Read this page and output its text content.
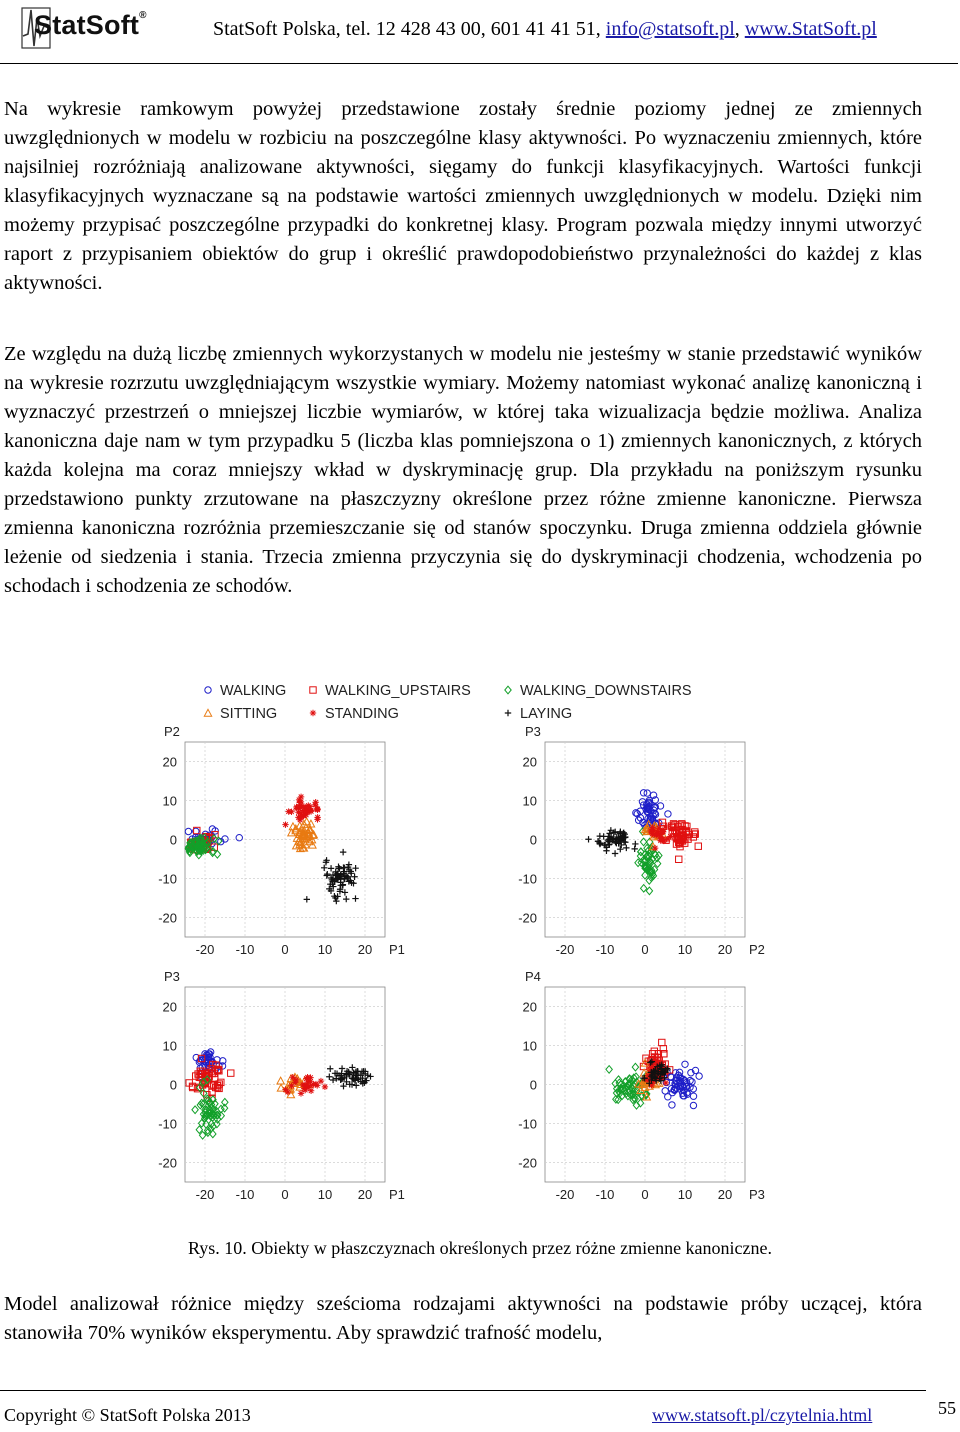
StatSoft®
StatSoft Polska, tel. 12 428 43 00, 601 41 41 51, info@statsoft.pl, www.StatSoft.pl

Na wykresie ramkowym powyżej przedstawione zostały średnie poziomy jednej ze zmiennych uwzględnionych w modelu w rozbiciu na poszczególne klasy aktywności. Po wyznaczeniu zmiennych, które najsilniej rozróżniają analizowane aktywności, sięgamy do funkcji klasyfikacyjnych. Wartości funkcji klasyfikacyjnych wyznaczane są na podstawie wartości zmiennych uwzględnionych w modelu. Dzięki nim możemy przypisać poszczególne przypadki do konkretnej klasy. Program pozwala między innymi utworzyć raport z przypisaniem obiektów do grup i określić prawdopodobieństwo przynależności do każdej z klas aktywności.

Ze względu na dużą liczbę zmiennych wykorzystanych w modelu nie jesteśmy w stanie przedstawić wyników na wykresie rozrzutu uwzględniającym wszystkie wymiary. Możemy natomiast wykonać analizę kanoniczną i wyznaczyć przestrzeń o mniejszej liczbie wymiarów, w której taka wizualizacja będzie możliwa. Analiza kanoniczna daje nam w tym przypadku 5 (liczba klas pomniejszona o 1) zmiennych kanonicznych, z których każda kolejna ma coraz mniejszy wkład w dyskryminację grup. Dla przykładu na poniższym rysunku przedstawiono punkty zrzutowane na płaszczyzny określone przez różne zmienne kanoniczne. Pierwsza zmienna kanoniczna rozróżnia przemieszczanie się od stanów spoczynku. Druga zmienna oddziela głównie leżenie od siedzenia i stania. Trzecia zmienna przyczynia się do dyskryminacji chodzenia, wchodzenia po schodach i schodzenia ze schodów.

WALKING	WALKING_UPSTAIRS	WALKING_DOWNSTAIRS
SITTING	STANDING	LAYING
20
10
0
-10
-20
-20 -10 0 10 20 P1
P2
20
10
0
-10
-20
-20 -10 0 10 20 P2
P3
20
10
0
-10
-20
-20 -10 0 10 20 P1
P3
20
10
0
-10
-20
-20 -10 0 10 20 P3
P4
Rys. 10. Obiekty w płaszczyznach określonych przez różne zmienne kanoniczne.

Model analizował różnice między sześcioma rodzajami aktywności na podstawie próby uczącej, która stanowiła 70% wyników eksperymentu. Aby sprawdzić trafność modelu,

Copyright © StatSoft Polska 2013	www.statsoft.pl/czytelnia.html	55
